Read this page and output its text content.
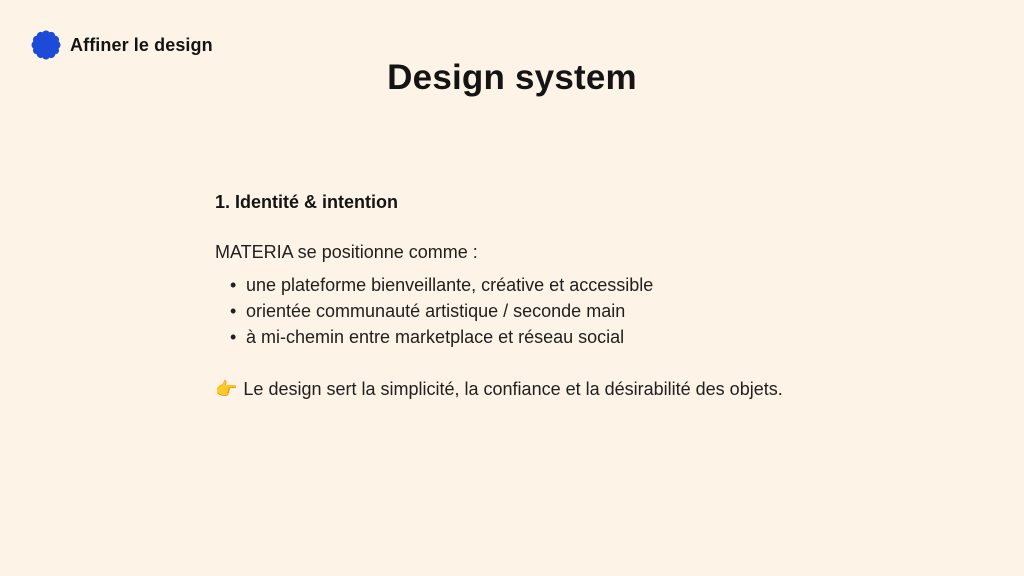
Affiner le design
Design system

1. Identité & intention

MATERIA se positionne comme :

• une plateforme bienveillante, créative et accessible
• orientée communauté artistique / seconde main
• à mi-chemin entre marketplace et réseau social

👉 Le design sert la simplicité, la confiance et la désirabilité des objets.
